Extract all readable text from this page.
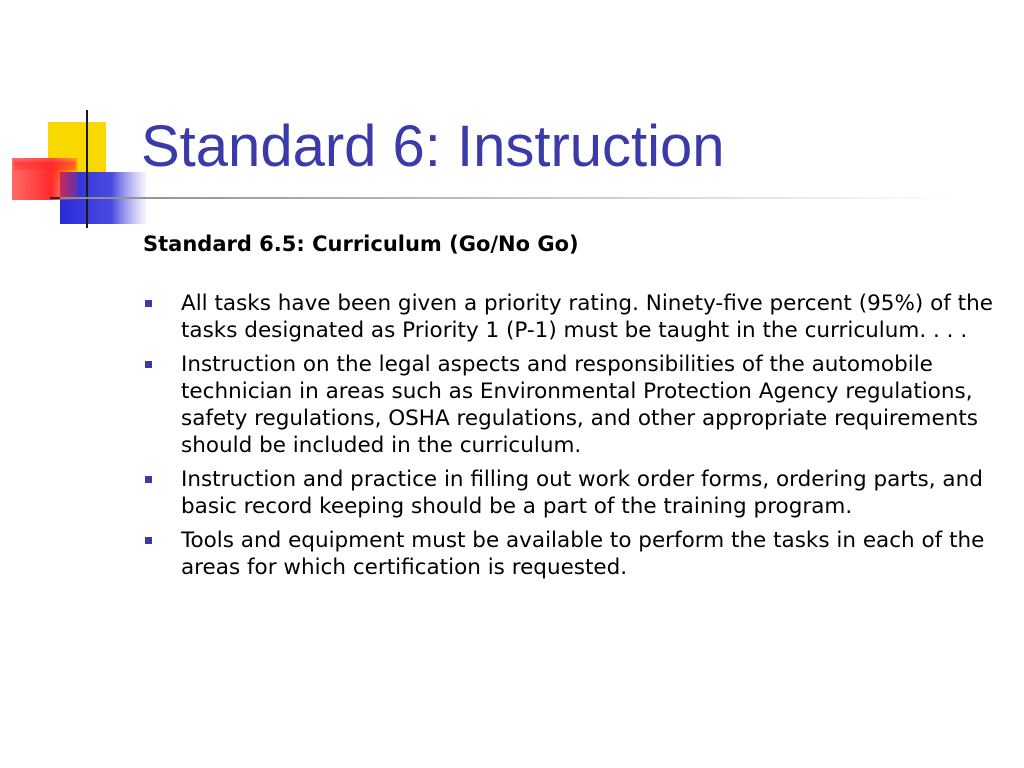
Standard 6: Instruction

Standard 6.5: Curriculum (Go/No Go)

All tasks have been given a priority rating. Ninety-five percent (95%) of the tasks designated as Priority 1 (P-1) must be taught in the curriculum. . . .
Instruction on the legal aspects and responsibilities of the automobile technician in areas such as Environmental Protection Agency regulations, safety regulations, OSHA regulations, and other appropriate requirements should be included in the curriculum.
Instruction and practice in filling out work order forms, ordering parts, and basic record keeping should be a part of the training program.
Tools and equipment must be available to perform the tasks in each of the areas for which certification is requested.
